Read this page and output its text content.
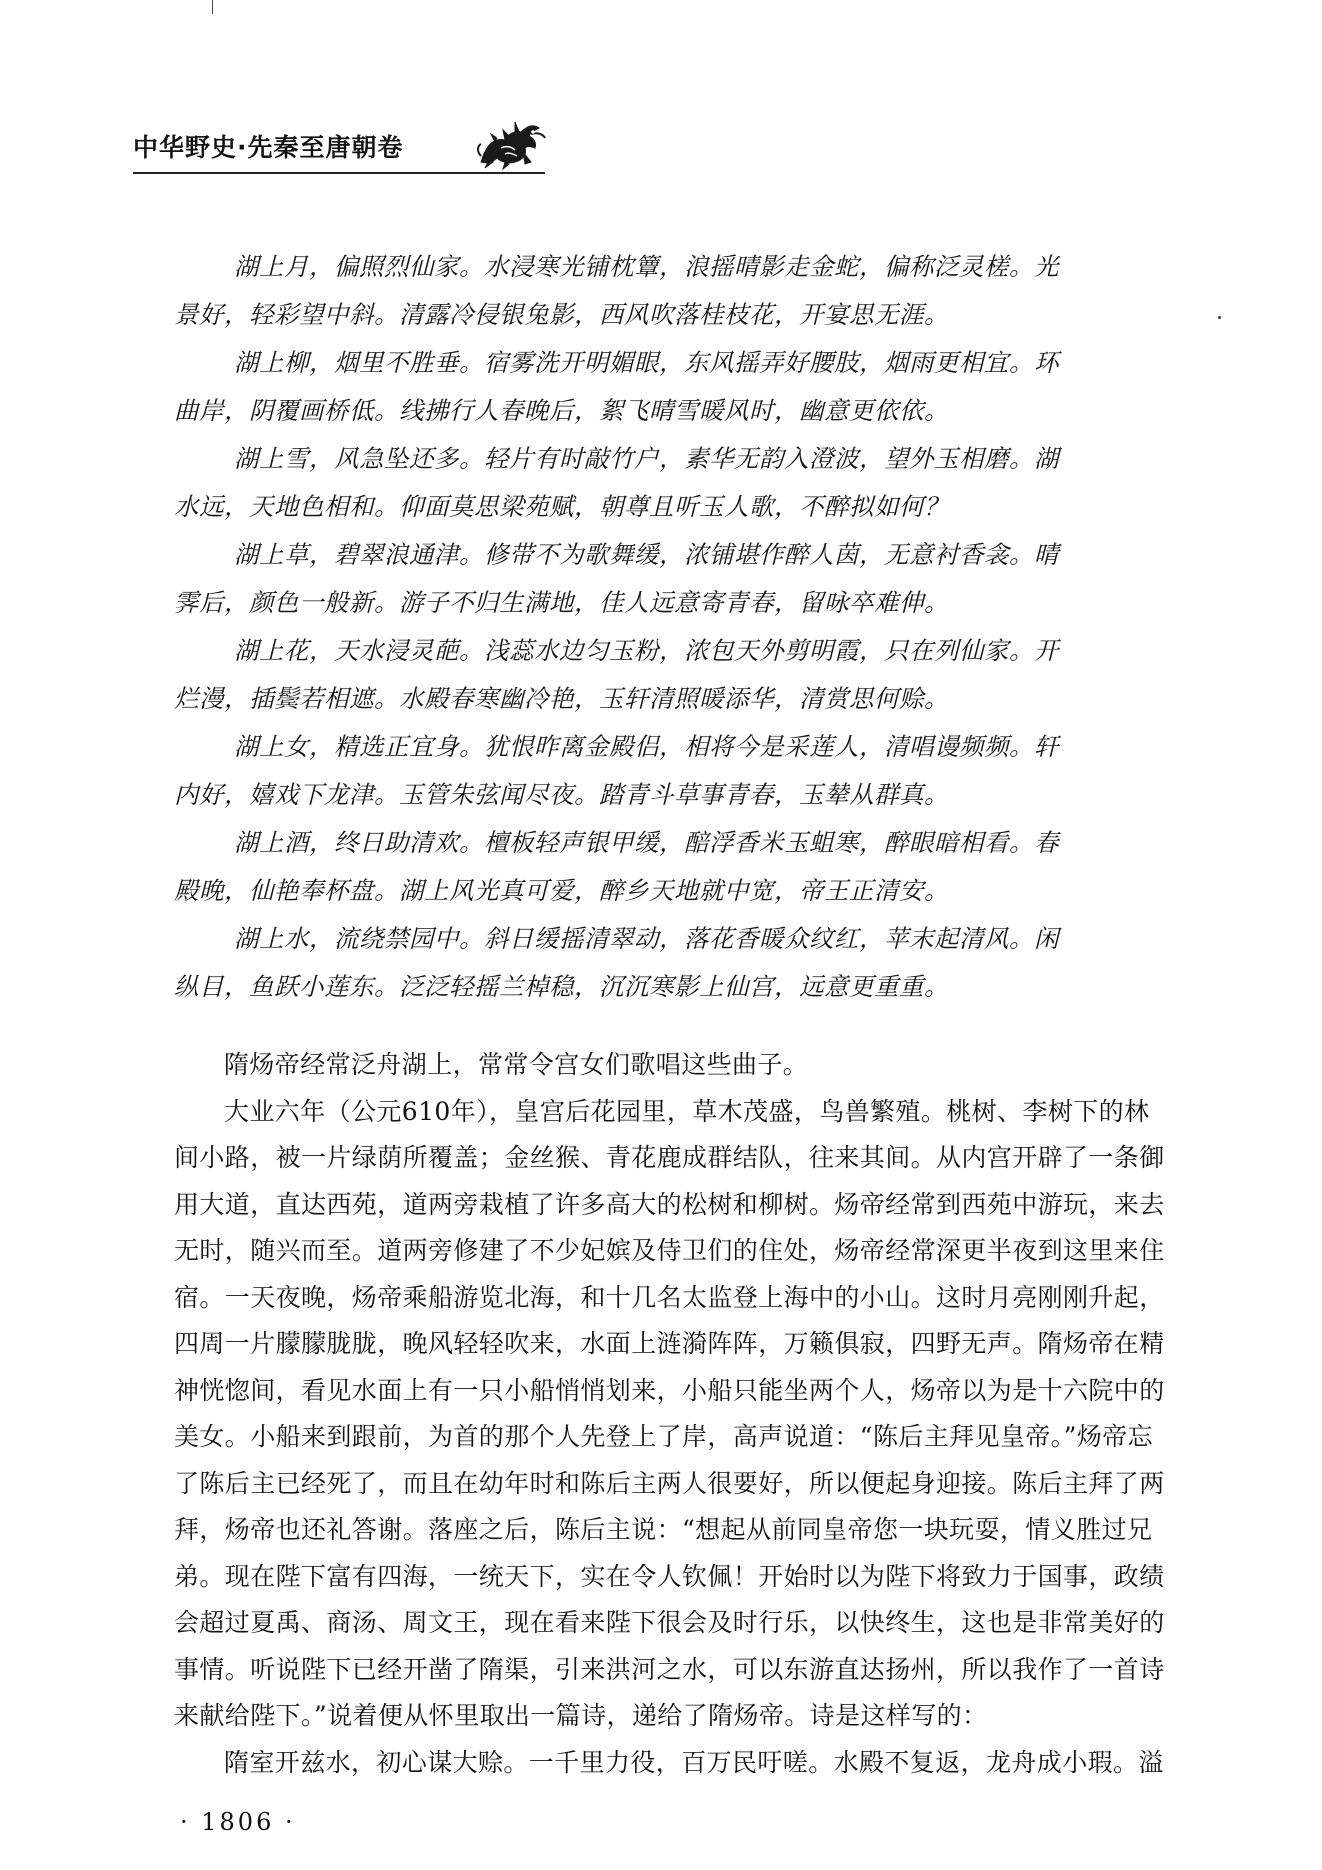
中华野史·先秦至唐朝卷

湖上月，偏照烈仙家。水浸寒光铺枕簟，浪摇晴影走金蛇，偏称泛灵槎。光
景好，轻彩望中斜。清露冷侵银兔影，西风吹落桂枝花，开宴思无涯。

湖上柳，烟里不胜垂。宿雾洗开明媚眼，东风摇弄好腰肢，烟雨更相宜。环
曲岸，阴覆画桥低。线拂行人春晚后，絮飞晴雪暖风时，幽意更依依。

湖上雪，风急坠还多。轻片有时敲竹户，素华无韵入澄波，望外玉相磨。湖
水远，天地色相和。仰面莫思梁苑赋，朝尊且听玉人歌，不醉拟如何？

湖上草，碧翠浪通津。修带不为歌舞缓，浓铺堪作醉人茵，无意衬香衾。晴
霁后，颜色一般新。游子不归生满地，佳人远意寄青春，留咏卒难伸。

湖上花，天水浸灵葩。浅蕊水边匀玉粉，浓包天外剪明霞，只在列仙家。开
烂漫，插鬓若相遮。水殿春寒幽冷艳，玉轩清照暖添华，清赏思何赊。

湖上女，精选正宜身。犹恨昨离金殿侣，相将今是采莲人，清唱谩频频。轩
内好，嬉戏下龙津。玉管朱弦闻尽夜。踏青斗草事青春，玉辇从群真。

湖上酒，终日助清欢。檀板轻声银甲缓，醅浮香米玉蛆寒，醉眼暗相看。春
殿晚，仙艳奉杯盘。湖上风光真可爱，醉乡天地就中宽，帝王正清安。

湖上水，流绕禁园中。斜日缓摇清翠动，落花香暖众纹红，苹末起清风。闲
纵目，鱼跃小莲东。泛泛轻摇兰棹稳，沉沉寒影上仙宫，远意更重重。

隋炀帝经常泛舟湖上，常常令宫女们歌唱这些曲子。
大业六年（公元610年），皇宫后花园里，草木茂盛，鸟兽繁殖。桃树、李树下的林
间小路，被一片绿荫所覆盖；金丝猴、青花鹿成群结队，往来其间。从内宫开辟了一条御
用大道，直达西苑，道两旁栽植了许多高大的松树和柳树。炀帝经常到西苑中游玩，来去
无时，随兴而至。道两旁修建了不少妃嫔及侍卫们的住处，炀帝经常深更半夜到这里来住
宿。一天夜晚，炀帝乘船游览北海，和十几名太监登上海中的小山。这时月亮刚刚升起，
四周一片朦朦胧胧，晚风轻轻吹来，水面上涟漪阵阵，万籁俱寂，四野无声。隋炀帝在精
神恍惚间，看见水面上有一只小船悄悄划来，小船只能坐两个人，炀帝以为是十六院中的
美女。小船来到跟前，为首的那个人先登上了岸，高声说道：“陈后主拜见皇帝。”炀帝忘
了陈后主已经死了，而且在幼年时和陈后主两人很要好，所以便起身迎接。陈后主拜了两
拜，炀帝也还礼答谢。落座之后，陈后主说：“想起从前同皇帝您一块玩耍，情义胜过兄
弟。现在陛下富有四海，一统天下，实在令人钦佩！开始时以为陛下将致力于国事，政绩
会超过夏禹、商汤、周文王，现在看来陛下很会及时行乐，以快终生，这也是非常美好的
事情。听说陛下已经开凿了隋渠，引来洪河之水，可以东游直达扬州，所以我作了一首诗
来献给陛下。”说着便从怀里取出一篇诗，递给了隋炀帝。诗是这样写的：
隋室开兹水，初心谋大赊。一千里力役，百万民吁嗟。水殿不复返，龙舟成小瑕。溢
· 1806 ·
